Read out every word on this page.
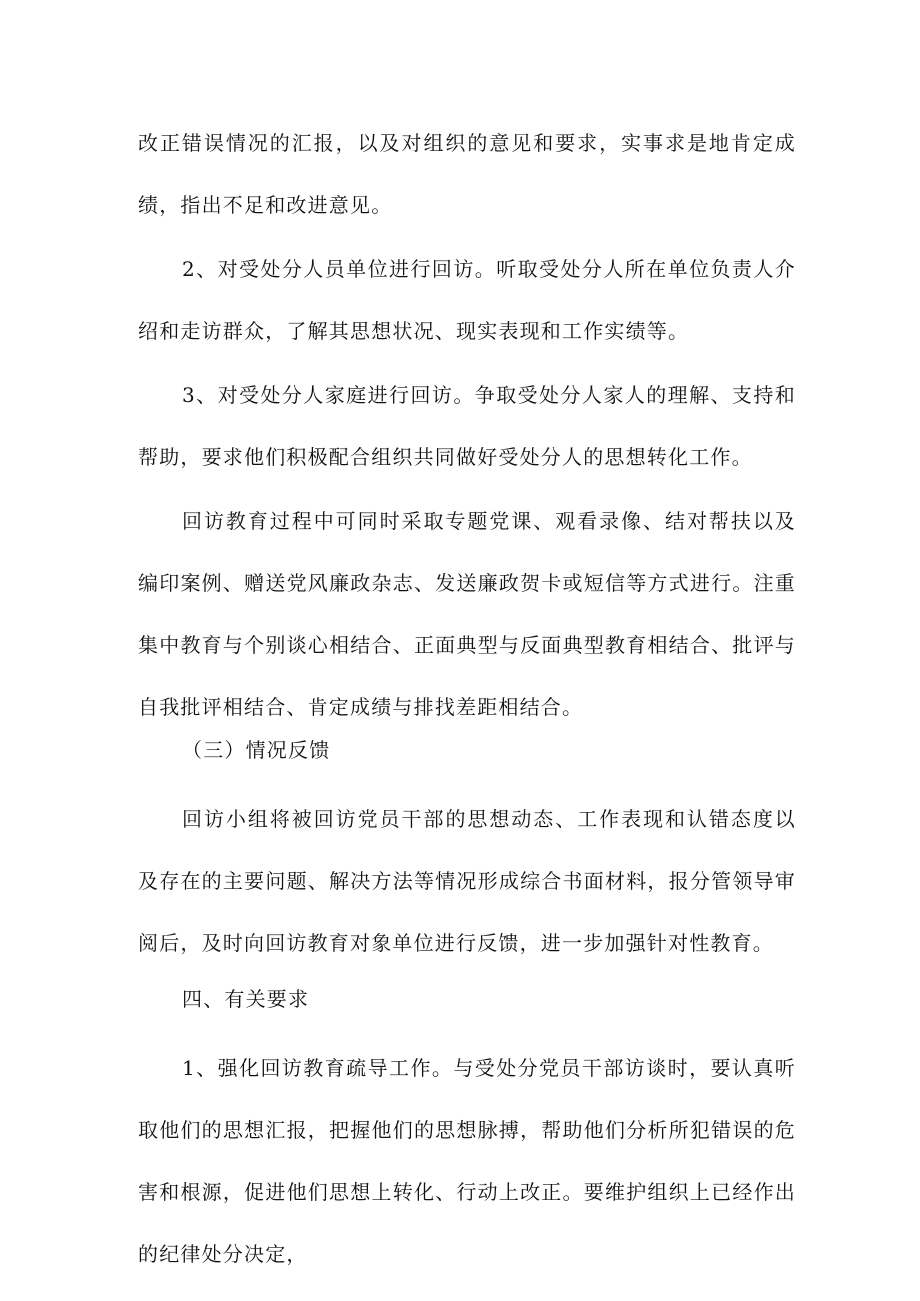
改正错误情况的汇报，以及对组织的意见和要求，实事求是地肯定成绩，指出不足和改进意见。

2、对受处分人员单位进行回访。听取受处分人所在单位负责人介绍和走访群众，了解其思想状况、现实表现和工作实绩等。

3、对受处分人家庭进行回访。争取受处分人家人的理解、支持和帮助，要求他们积极配合组织共同做好受处分人的思想转化工作。

回访教育过程中可同时采取专题党课、观看录像、结对帮扶以及编印案例、赠送党风廉政杂志、发送廉政贺卡或短信等方式进行。注重集中教育与个别谈心相结合、正面典型与反面典型教育相结合、批评与自我批评相结合、肯定成绩与排找差距相结合。

（三）情况反馈

回访小组将被回访党员干部的思想动态、工作表现和认错态度以及存在的主要问题、解决方法等情况形成综合书面材料，报分管领导审阅后，及时向回访教育对象单位进行反馈，进一步加强针对性教育。

四、有关要求

1、强化回访教育疏导工作。与受处分党员干部访谈时，要认真听取他们的思想汇报，把握他们的思想脉搏，帮助他们分析所犯错误的危害和根源，促进他们思想上转化、行动上改正。要维护组织上已经作出的纪律处分决定，
